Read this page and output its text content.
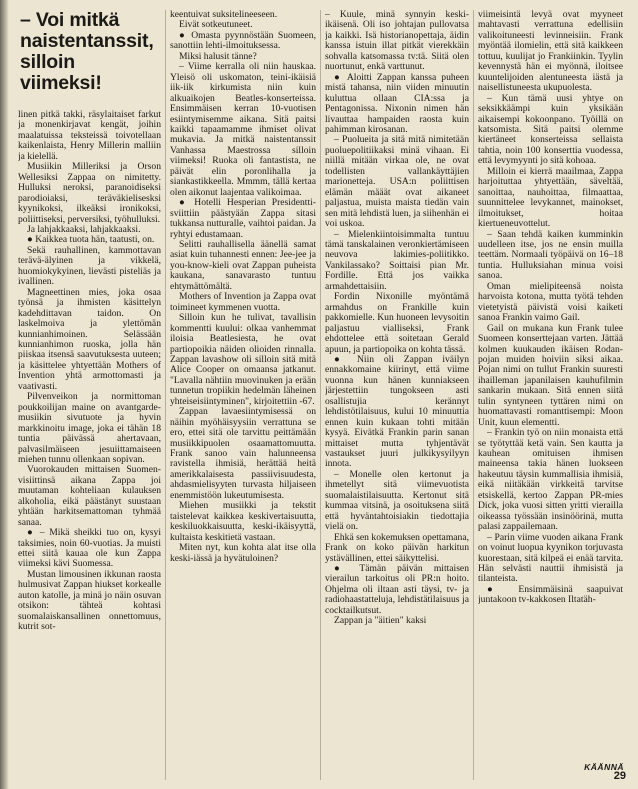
– Voi mitkä
naistentanssit,
silloin
viimeksi!

linen pitkä takki, räsylaitaiset farkut ja monenkirjavat kengät, joihin maalatuissa teksteissä toivotellaan kaikenlaista, Henry Millerin malliin ja kielellä.

Musiikin Milleriksi ja Orson Wellesiksi Zappaa on nimitetty. Hulluksi neroksi, paranoidiseksi parodioiaksi, teräväkielisesksi kyynikoksi, ilkeäksi ironikoksi, poliittiseksi, perversiksi, työhulluksi.

Ja lahjakkaaksi, lahjakkaaksi.

● Kaikkea tuota hän, taatusti, on.

Sekä rauhallinen, kammottavan terävä-älyinen ja vikkelä, huomiokykyinen, lievästi pisteliäs ja ivallinen.

Magneettinen mies, joka osaa työnsä ja ihmisten käsittelyn kadehdittavan taidon. On laskelmoiva ja ylettömän kunnianhimoinen. Selässään kunnianhimon ruoska, jolla hän piiskaa itsensä saavutuksesta uuteen; ja käsittelee yhtyettään Mothers of Invention yhtä armottomasti ja vaativasti.

Pilvenveikon ja normittoman poukkoilijan maine on avantgarde-musiikin sivutuote ja hyvin markkinoitu image, joka ei tähän 18 tuntia päivässä ahertavaan, palvasilmäiseen jesuiittamaiseen miehen tunnu ollenkaan sopivan.

Vuorokauden mittaisen Suomen-visiittinsä aikana Zappa joi muutaman kohteliaan kulauksen alkoholia, eikä päästänyt suustaan yhtään harkitsemattoman tyhmää sanaa.

● – Mikä sheikki tuo on, kysyi taksimies, noin 60-vuotias. Ja muisti ettei siitä kauaa ole kun Zappa viimeksi kävi Suomessa.

Mustan limousinen ikkunan raosta hulmusivat Zappan hiukset korkealle auton katolle, ja minä jo näin osuvan otsikon: tähteä kohtasi suomalaiskansallinen onnettomuus, kutrit sot-

keentuivat suksitelineeseen.

Eivät sotkeutuneet.

● Omasta pyynnöstään Suomeen, sanottiin lehti-ilmoituksessa.

Miksi halusit tänne?

– Viime kerralla oli niin hauskaa. Yleisö oli uskomaton, teini-ikäisiä iik-iik kirkumista niin kuin alkuaikojen Beatles-konserteissa. Ensimmäisen kerran 10-vuotisen esiintymisemme aikana. Sitä paitsi kaikki tapaamamme ihmiset olivat mukavia. Ja mitkä naistentanssit Vanhassa Maestrossa silloin viimeksi! Ruoka oli fantastista, ne päivät elin poronlihalla ja siankastikkeella. Mmmm, tällä kertaa olen aikonut laajentaa valikoimaa.

● Hotelli Hesperian Presidentti-sviittiin päästyään Zappa sitasi tukkansa nutturalle, vaihtoi paidan. Ja ryhtyi edustamaan.

Selitti rauhallisella äänellä samat asiat kuin tuhannesti ennen: Jee-jee ja you-know-kieli ovat Zappan puheista kaukana, sanavarasto tuntuu ehtymättömältä.

Mothers of Invention ja Zappa ovat toimineet kymmenen vuotta.

Silloin kun he tulivat, tavallisin kommentti kuului: olkaa vanhemmat iloisia Beatlesiesta, he ovat partiopoikia näiden olioiden rinnalla. Zappan lavashow oli silloin sitä mitä Alice Cooper on omaansa jatkanut. "Lavalla nähtiin muovinuken ja erään tunnetun tropiikin hedelmän läheinen yhteiseisiintyminen", kirjoitettiin -67.

Zappan lavaesiintymisessä on näihin myöhäisyysiin verrattuna se ero, ettei sitä ole tarvittu peittämään musiikkipuolen osaamattomuutta. Frank sanoo vain halunneensa ravistella ihmisiä, herättää heitä amerikkalaisesta passiivisuudesta, ahdasmielisyyten turvasta hiljaiseen enemmistöön lukeutumisesta.

Miehen musiikki ja tekstit taistelevat kaikkea keskivertaisuutta, keskiluokkaisuutta, keski-ikäisyyttä, kultaista keskitietä vastaan.

Miten nyt, kun kohta alat itse olla keski-iässä ja hyvätuloinen?

– Kuule, minä synnyin keski-ikäisenä. Oli iso johtajan pullovatsa ja kaikki. Isä historianopettaja, äidin kanssa istuin illat pitkät vierekkäin sohvalla katsomassa tv:tä. Siitä olen nuortunut, enkä varttunut.

● Aloitti Zappan kanssa puheen mistä tahansa, niin viiden minuutin kuluttua ollaan CIA:ssa ja Pentagonissa. Nixonin nimen hän livauttaa hampaiden raosta kuin pahimman kirosanan.

– Puolueita ja sitä mitä nimitetään puoluepolitiikaksi minä vihaan. Ei niillä mitään virkaa ole, ne ovat todellisten vallankäyttäjien marionetteja. USA:n poliittisen elämän määät ovat aikaneet paljastua, muista maista tiedän vain sen mitä lehdistä luen, ja siihenhän ei voi uskoa.

– Mielenkiintoisimmalta tuntuu tämä tanskalainen veronkiertämiseen neuvova lakimies-poliitikko. Vankilassako? Soittaisi pian Mr. Fordille. Että jos vaikka armahdettaisiin.

Fordin Nixonille myöntämä armahdus on Frankille kuin pakkomielle. Kun huoneen levysoitin paljastuu vialliseksi, Frank ehdottelee että soitetaan Gerald apuun, ja partiopoika on kohta tässä.

● Niin oli Zappan iväilyn ennakkomaine kiirinyt, että viime vuonna kun hänen kunniakseen järjestettiin tungokseen asti osallistujia kerännyt lehdistötilaisuus, kului 10 minuuttia ennen kuin kukaan tohti mitään kysyä. Eivätkä Frankin parin sanan mittaiset mutta tyhjentävät vastaukset juuri julkikysyilyyn innota.

– Monelle olen kertonut ja ihmetellyt sitä viimevuotista suomalaistilaisuutta. Kertonut sitä kummaa vitsinä, ja osoituksena siitä että hyväntahtoisiakin tiedottajia vielä on.

Ehkä sen kokemuksen opettamana, Frank on koko päivän harkitun ystävällinen, ettei säikyttelisi.

● Tämän päivän mittaisen vierailun tarkoitus oli PR:n hoito. Ohjelma oli iltaan asti täysi, tv- ja radiohaastatteluja, lehdistätilaisuus ja cocktailkutsut.

Zappan ja "äitien" kaksi

viimeisintä levyä ovat myyneet mahtavasti verrattuna edellisiin valikoituneesti levinneisiin. Frank myöntää ilomielin, että sitä kaikkeen tottuu, kuulijat jo Frankiinkin. Tyylin kevennystä hän ei myönnä, iloitsee kuuntelijoiden alentuneesta iästä ja naisellistuneesta ukupuolesta.

– Kun tämä uusi yhtye on seksikkäämpi kuin yksikään aikaisempi kokoonpano. Työillä on katsomista. Sitä paitsi olemme kiertäneet konserteissa sellaista tahtia, noin 100 konserttia vuodessa, että levymyynti jo sitä kohoaa.

Milloin ei kierrä maailmaa, Zappa harjoituttaa yhtyettään, säveltää, sanoittaa, nauhoittaa, filmaattaa, suunnittelee levykannet, mainokset, ilmoitukset, hoitaa kiertueneuvottelut.

– Saan tehdä kaiken kumminkin uudelleen itse, jos ne ensin muilla teettäm. Normaali työpäivä on 16–18 tuntia. Hulluksiahan minua voisi sanoa.

Oman mielipiteensä noista harvoista kotona, mutta työtä tehden vietetyistä päivistä voisi kaiketi sanoa Frankin vaimo Gail.

Gail on mukana kun Frank tulee Suomeen konserttejaan varten. Jättää kolmen kuukauden ikäisen Rodan-pojan muiden hoiviin siksi aikaa. Pojan nimi on tullut Frankin suuresti ihailleman japanilaisen kauhufilmin sankarin mukaan. Sitä ennen siitä tulin syntyneen tyttären nimi on huomattavasti romanttisempi: Moon Unit, kuun elementti.

– Frankin työ on niin monaista että se työtyttää ketä vain. Sen kautta ja kauhean omituisen ihmisen maineensa takia hänen luokseen hakeutuu täysin kummallisia ihmisiä, eikä niitäkään virkkeitä tarvitse etsiskellä, kertoo Zappan PR-mies Dick, joka vuosi sitten yritti vierailla oikeassa työssään insinöörinä, mutta palasi zappailemaan.

– Parin viime vuoden aikana Frank on voinut luopua kyynikon torjuvasta kuorestaan, sitä kilpeä ei enää tarvita. Hän selvästi nauttii ihmisistä ja tilanteista.

● Ensimmäisinä saapuivat juntakoon tv-kakkosen Iltatäh-

KÄÄNNÄ
29
